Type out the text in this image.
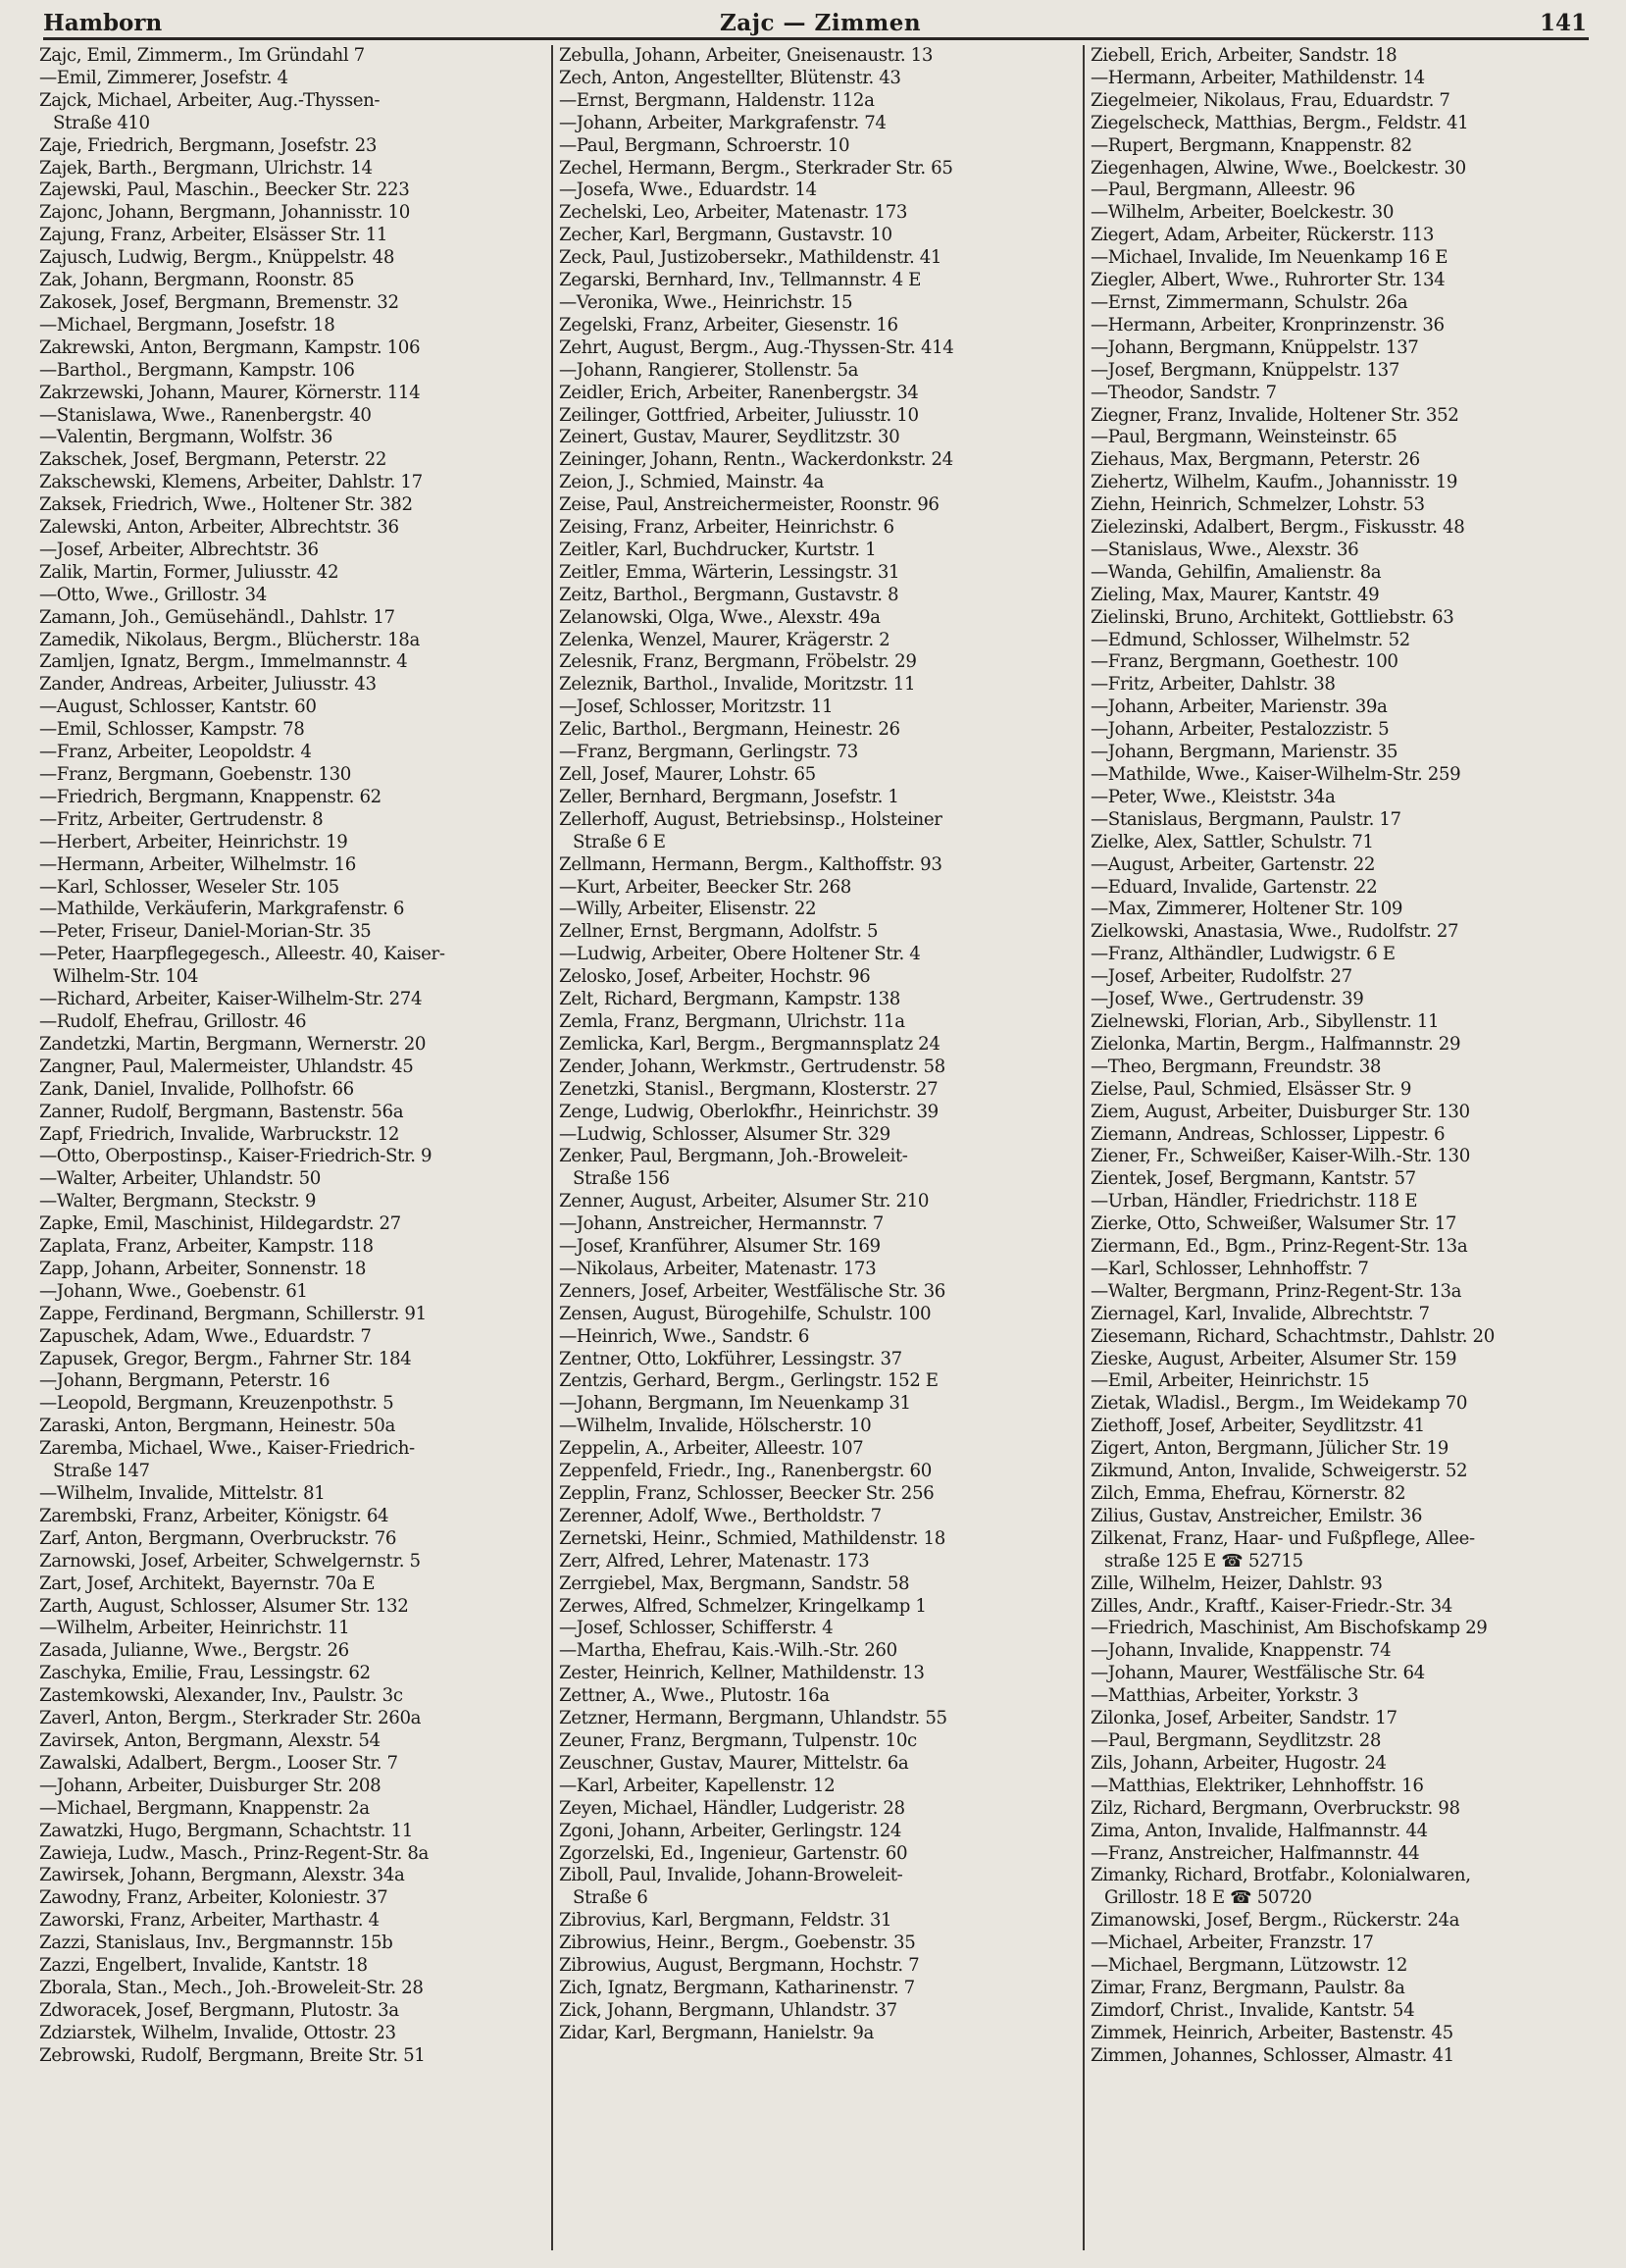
Hamborn	Zajc — Zimmen	141
Zajc, Emil, Zimmerm., Im Gründahl 7
—Emil, Zimmerer, Josefstr. 4
Zajck, Michael, Arbeiter, Aug.-Thyssen-
Straße 410
Zaje, Friedrich, Bergmann, Josefstr. 23
Zajek, Barth., Bergmann, Ulrichstr. 14
Zajewski, Paul, Maschin., Beecker Str. 223
Zajonc, Johann, Bergmann, Johannisstr. 10
Zajung, Franz, Arbeiter, Elsässer Str. 11
Zajusch, Ludwig, Bergm., Knüppelstr. 48
Zak, Johann, Bergmann, Roonstr. 85
Zakosek, Josef, Bergmann, Bremenstr. 32
—Michael, Bergmann, Josefstr. 18
Zakrewski, Anton, Bergmann, Kampstr. 106
—Barthol., Bergmann, Kampstr. 106
Zakrzewski, Johann, Maurer, Körnerstr. 114
—Stanislawa, Wwe., Ranenbergstr. 40
—Valentin, Bergmann, Wolfstr. 36
Zakschek, Josef, Bergmann, Peterstr. 22
Zakschewski, Klemens, Arbeiter, Dahlstr. 17
Zaksek, Friedrich, Wwe., Holtener Str. 382
Zalewski, Anton, Arbeiter, Albrechtstr. 36
—Josef, Arbeiter, Albrechtstr. 36
Zalik, Martin, Former, Juliusstr. 42
—Otto, Wwe., Grillostr. 34
Zamann, Joh., Gemüsehändl., Dahlstr. 17
Zamedik, Nikolaus, Bergm., Blücherstr. 18a
Zamljen, Ignatz, Bergm., Immelmannstr. 4
Zander, Andreas, Arbeiter, Juliusstr. 43
—August, Schlosser, Kantstr. 60
—Emil, Schlosser, Kampstr. 78
—Franz, Arbeiter, Leopoldstr. 4
—Franz, Bergmann, Goebenstr. 130
—Friedrich, Bergmann, Knappenstr. 62
—Fritz, Arbeiter, Gertrudenstr. 8
—Herbert, Arbeiter, Heinrichstr. 19
—Hermann, Arbeiter, Wilhelmstr. 16
—Karl, Schlosser, Weseler Str. 105
—Mathilde, Verkäuferin, Markgrafenstr. 6
—Peter, Friseur, Daniel-Morian-Str. 35
—Peter, Haarpflegegesch., Alleestr. 40, Kaiser-
Wilhelm-Str. 104
—Richard, Arbeiter, Kaiser-Wilhelm-Str. 274
—Rudolf, Ehefrau, Grillostr. 46
Zandetzki, Martin, Bergmann, Wernerstr. 20
Zangner, Paul, Malermeister, Uhlandstr. 45
Zank, Daniel, Invalide, Pollhofstr. 66
Zanner, Rudolf, Bergmann, Bastenstr. 56a
Zapf, Friedrich, Invalide, Warbruckstr. 12
—Otto, Oberpostinsp., Kaiser-Friedrich-Str. 9
—Walter, Arbeiter, Uhlandstr. 50
—Walter, Bergmann, Steckstr. 9
Zapke, Emil, Maschinist, Hildegardstr. 27
Zaplata, Franz, Arbeiter, Kampstr. 118
Zapp, Johann, Arbeiter, Sonnenstr. 18
—Johann, Wwe., Goebenstr. 61
Zappe, Ferdinand, Bergmann, Schillerstr. 91
Zapuschek, Adam, Wwe., Eduardstr. 7
Zapusek, Gregor, Bergm., Fahrner Str. 184
—Johann, Bergmann, Peterstr. 16
—Leopold, Bergmann, Kreuzenpothstr. 5
Zaraski, Anton, Bergmann, Heinestr. 50a
Zaremba, Michael, Wwe., Kaiser-Friedrich-
Straße 147
—Wilhelm, Invalide, Mittelstr. 81
Zarembski, Franz, Arbeiter, Königstr. 64
Zarf, Anton, Bergmann, Overbruckstr. 76
Zarnowski, Josef, Arbeiter, Schwelgernstr. 5
Zart, Josef, Architekt, Bayernstr. 70a E
Zarth, August, Schlosser, Alsumer Str. 132
—Wilhelm, Arbeiter, Heinrichstr. 11
Zasada, Julianne, Wwe., Bergstr. 26
Zaschyka, Emilie, Frau, Lessingstr. 62
Zastemkowski, Alexander, Inv., Paulstr. 3c
Zaverl, Anton, Bergm., Sterkrader Str. 260a
Zavirsek, Anton, Bergmann, Alexstr. 54
Zawalski, Adalbert, Bergm., Looser Str. 7
—Johann, Arbeiter, Duisburger Str. 208
—Michael, Bergmann, Knappenstr. 2a
Zawatzki, Hugo, Bergmann, Schachtstr. 11
Zawieja, Ludw., Masch., Prinz-Regent-Str. 8a
Zawirsek, Johann, Bergmann, Alexstr. 34a
Zawodny, Franz, Arbeiter, Koloniestr. 37
Zaworski, Franz, Arbeiter, Marthastr. 4
Zazzi, Stanislaus, Inv., Bergmannstr. 15b
Zazzi, Engelbert, Invalide, Kantstr. 18
Zborala, Stan., Mech., Joh.-Broweleit-Str. 28
Zdworacek, Josef, Bergmann, Plutostr. 3a
Zdziarstek, Wilhelm, Invalide, Ottostr. 23
Zebrowski, Rudolf, Bergmann, Breite Str. 51
Zebulla, Johann, Arbeiter, Gneisenaustr. 13
Zech, Anton, Angestellter, Blütenstr. 43
—Ernst, Bergmann, Haldenstr. 112a
—Johann, Arbeiter, Markgrafenstr. 74
—Paul, Bergmann, Schroerstr. 10
Zechel, Hermann, Bergm., Sterkrader Str. 65
—Josefa, Wwe., Eduardstr. 14
Zechelski, Leo, Arbeiter, Matenastr. 173
Zecher, Karl, Bergmann, Gustavstr. 10
Zeck, Paul, Justizobersekr., Mathildenstr. 41
Zegarski, Bernhard, Inv., Tellmannstr. 4 E
—Veronika, Wwe., Heinrichstr. 15
Zegelski, Franz, Arbeiter, Giesenstr. 16
Zehrt, August, Bergm., Aug.-Thyssen-Str. 414
—Johann, Rangierer, Stollenstr. 5a
Zeidler, Erich, Arbeiter, Ranenbergstr. 34
Zeilinger, Gottfried, Arbeiter, Juliusstr. 10
Zeinert, Gustav, Maurer, Seydlitzstr. 30
Zeininger, Johann, Rentn., Wackerdonkstr. 24
Zeion, J., Schmied, Mainstr. 4a
Zeise, Paul, Anstreichermeister, Roonstr. 96
Zeising, Franz, Arbeiter, Heinrichstr. 6
Zeitler, Karl, Buchdrucker, Kurtstr. 1
Zeitler, Emma, Wärterin, Lessingstr. 31
Zeitz, Barthol., Bergmann, Gustavstr. 8
Zelanowski, Olga, Wwe., Alexstr. 49a
Zelenka, Wenzel, Maurer, Krägerstr. 2
Zelesnik, Franz, Bergmann, Fröbelstr. 29
Zeleznik, Barthol., Invalide, Moritzstr. 11
—Josef, Schlosser, Moritzstr. 11
Zelic, Barthol., Bergmann, Heinestr. 26
—Franz, Bergmann, Gerlingstr. 73
Zell, Josef, Maurer, Lohstr. 65
Zeller, Bernhard, Bergmann, Josefstr. 1
Zellerhoff, August, Betriebsinsp., Holsteiner
Straße 6 E
Zellmann, Hermann, Bergm., Kalthoffstr. 93
—Kurt, Arbeiter, Beecker Str. 268
—Willy, Arbeiter, Elisenstr. 22
Zellner, Ernst, Bergmann, Adolfstr. 5
—Ludwig, Arbeiter, Obere Holtener Str. 4
Zelosko, Josef, Arbeiter, Hochstr. 96
Zelt, Richard, Bergmann, Kampstr. 138
Zemla, Franz, Bergmann, Ulrichstr. 11a
Zemlicka, Karl, Bergm., Bergmannsplatz 24
Zender, Johann, Werkmstr., Gertrudenstr. 58
Zenetzki, Stanisl., Bergmann, Klosterstr. 27
Zenge, Ludwig, Oberlokfhr., Heinrichstr. 39
—Ludwig, Schlosser, Alsumer Str. 329
Zenker, Paul, Bergmann, Joh.-Broweleit-
Straße 156
Zenner, August, Arbeiter, Alsumer Str. 210
—Johann, Anstreicher, Hermannstr. 7
—Josef, Kranführer, Alsumer Str. 169
—Nikolaus, Arbeiter, Matenastr. 173
Zenners, Josef, Arbeiter, Westfälische Str. 36
Zensen, August, Bürogehilfe, Schulstr. 100
—Heinrich, Wwe., Sandstr. 6
Zentner, Otto, Lokführer, Lessingstr. 37
Zentzis, Gerhard, Bergm., Gerlingstr. 152 E
—Johann, Bergmann, Im Neuenkamp 31
—Wilhelm, Invalide, Hölscherstr. 10
Zeppelin, A., Arbeiter, Alleestr. 107
Zeppenfeld, Friedr., Ing., Ranenbergstr. 60
Zepplin, Franz, Schlosser, Beecker Str. 256
Zerenner, Adolf, Wwe., Bertholdstr. 7
Zernetski, Heinr., Schmied, Mathildenstr. 18
Zerr, Alfred, Lehrer, Matenastr. 173
Zerrgiebel, Max, Bergmann, Sandstr. 58
Zerwes, Alfred, Schmelzer, Kringelkamp 1
—Josef, Schlosser, Schifferstr. 4
—Martha, Ehefrau, Kais.-Wilh.-Str. 260
Zester, Heinrich, Kellner, Mathildenstr. 13
Zettner, A., Wwe., Plutostr. 16a
Zetzner, Hermann, Bergmann, Uhlandstr. 55
Zeuner, Franz, Bergmann, Tulpenstr. 10c
Zeuschner, Gustav, Maurer, Mittelstr. 6a
—Karl, Arbeiter, Kapellenstr. 12
Zeyen, Michael, Händler, Ludgeristr. 28
Zgoni, Johann, Arbeiter, Gerlingstr. 124
Zgorzelski, Ed., Ingenieur, Gartenstr. 60
Ziboll, Paul, Invalide, Johann-Broweleit-
Straße 6
Zibrovius, Karl, Bergmann, Feldstr. 31
Zibrowius, Heinr., Bergm., Goebenstr. 35
Zibrowius, August, Bergmann, Hochstr. 7
Zich, Ignatz, Bergmann, Katharinenstr. 7
Zick, Johann, Bergmann, Uhlandstr. 37
Zidar, Karl, Bergmann, Hanielstr. 9a
Ziebell, Erich, Arbeiter, Sandstr. 18
—Hermann, Arbeiter, Mathildenstr. 14
Ziegelmeier, Nikolaus, Frau, Eduardstr. 7
Ziegelscheck, Matthias, Bergm., Feldstr. 41
—Rupert, Bergmann, Knappenstr. 82
Ziegenhagen, Alwine, Wwe., Boelckestr. 30
—Paul, Bergmann, Alleestr. 96
—Wilhelm, Arbeiter, Boelckestr. 30
Ziegert, Adam, Arbeiter, Rückerstr. 113
—Michael, Invalide, Im Neuenkamp 16 E
Ziegler, Albert, Wwe., Ruhrorter Str. 134
—Ernst, Zimmermann, Schulstr. 26a
—Hermann, Arbeiter, Kronprinzenstr. 36
—Johann, Bergmann, Knüppelstr. 137
—Josef, Bergmann, Knüppelstr. 137
—Theodor, Sandstr. 7
Ziegner, Franz, Invalide, Holtener Str. 352
—Paul, Bergmann, Weinsteinstr. 65
Ziehaus, Max, Bergmann, Peterstr. 26
Ziehertz, Wilhelm, Kaufm., Johannisstr. 19
Ziehn, Heinrich, Schmelzer, Lohstr. 53
Zielezinski, Adalbert, Bergm., Fiskusstr. 48
—Stanislaus, Wwe., Alexstr. 36
—Wanda, Gehilfin, Amalienstr. 8a
Zieling, Max, Maurer, Kantstr. 49
Zielinski, Bruno, Architekt, Gottliebstr. 63
—Edmund, Schlosser, Wilhelmstr. 52
—Franz, Bergmann, Goethestr. 100
—Fritz, Arbeiter, Dahlstr. 38
—Johann, Arbeiter, Marienstr. 39a
—Johann, Arbeiter, Pestalozzistr. 5
—Johann, Bergmann, Marienstr. 35
—Mathilde, Wwe., Kaiser-Wilhelm-Str. 259
—Peter, Wwe., Kleiststr. 34a
—Stanislaus, Bergmann, Paulstr. 17
Zielke, Alex, Sattler, Schulstr. 71
—August, Arbeiter, Gartenstr. 22
—Eduard, Invalide, Gartenstr. 22
—Max, Zimmerer, Holtener Str. 109
Zielkowski, Anastasia, Wwe., Rudolfstr. 27
—Franz, Althändler, Ludwigstr. 6 E
—Josef, Arbeiter, Rudolfstr. 27
—Josef, Wwe., Gertrudenstr. 39
Zielnewski, Florian, Arb., Sibyllenstr. 11
Zielonka, Martin, Bergm., Halfmannstr. 29
—Theo, Bergmann, Freundstr. 38
Zielse, Paul, Schmied, Elsässer Str. 9
Ziem, August, Arbeiter, Duisburger Str. 130
Ziemann, Andreas, Schlosser, Lippestr. 6
Ziener, Fr., Schweißer, Kaiser-Wilh.-Str. 130
Zientek, Josef, Bergmann, Kantstr. 57
—Urban, Händler, Friedrichstr. 118 E
Zierke, Otto, Schweißer, Walsumer Str. 17
Ziermann, Ed., Bgm., Prinz-Regent-Str. 13a
—Karl, Schlosser, Lehnhoffstr. 7
—Walter, Bergmann, Prinz-Regent-Str. 13a
Ziernagel, Karl, Invalide, Albrechtstr. 7
Ziesemann, Richard, Schachtmstr., Dahlstr. 20
Zieske, August, Arbeiter, Alsumer Str. 159
—Emil, Arbeiter, Heinrichstr. 15
Zietak, Wladisl., Bergm., Im Weidekamp 70
Ziethoff, Josef, Arbeiter, Seydlitzstr. 41
Zigert, Anton, Bergmann, Jülicher Str. 19
Zikmund, Anton, Invalide, Schweigerstr. 52
Zilch, Emma, Ehefrau, Körnerstr. 82
Zilius, Gustav, Anstreicher, Emilstr. 36
Zilkenat, Franz, Haar- und Fußpflege, Allee-
straße 125 E ☎ 52715
Zille, Wilhelm, Heizer, Dahlstr. 93
Zilles, Andr., Kraftf., Kaiser-Friedr.-Str. 34
—Friedrich, Maschinist, Am Bischofskamp 29
—Johann, Invalide, Knappenstr. 74
—Johann, Maurer, Westfälische Str. 64
—Matthias, Arbeiter, Yorkstr. 3
Zilonka, Josef, Arbeiter, Sandstr. 17
—Paul, Bergmann, Seydlitzstr. 28
Zils, Johann, Arbeiter, Hugostr. 24
—Matthias, Elektriker, Lehnhoffstr. 16
Zilz, Richard, Bergmann, Overbruckstr. 98
Zima, Anton, Invalide, Halfmannstr. 44
—Franz, Anstreicher, Halfmannstr. 44
Zimanky, Richard, Brotfabr., Kolonialwaren,
Grillostr. 18 E ☎ 50720
Zimanowski, Josef, Bergm., Rückerstr. 24a
—Michael, Arbeiter, Franzstr. 17
—Michael, Bergmann, Lützowstr. 12
Zimar, Franz, Bergmann, Paulstr. 8a
Zimdorf, Christ., Invalide, Kantstr. 54
Zimmek, Heinrich, Arbeiter, Bastenstr. 45
Zimmen, Johannes, Schlosser, Almastr. 41
